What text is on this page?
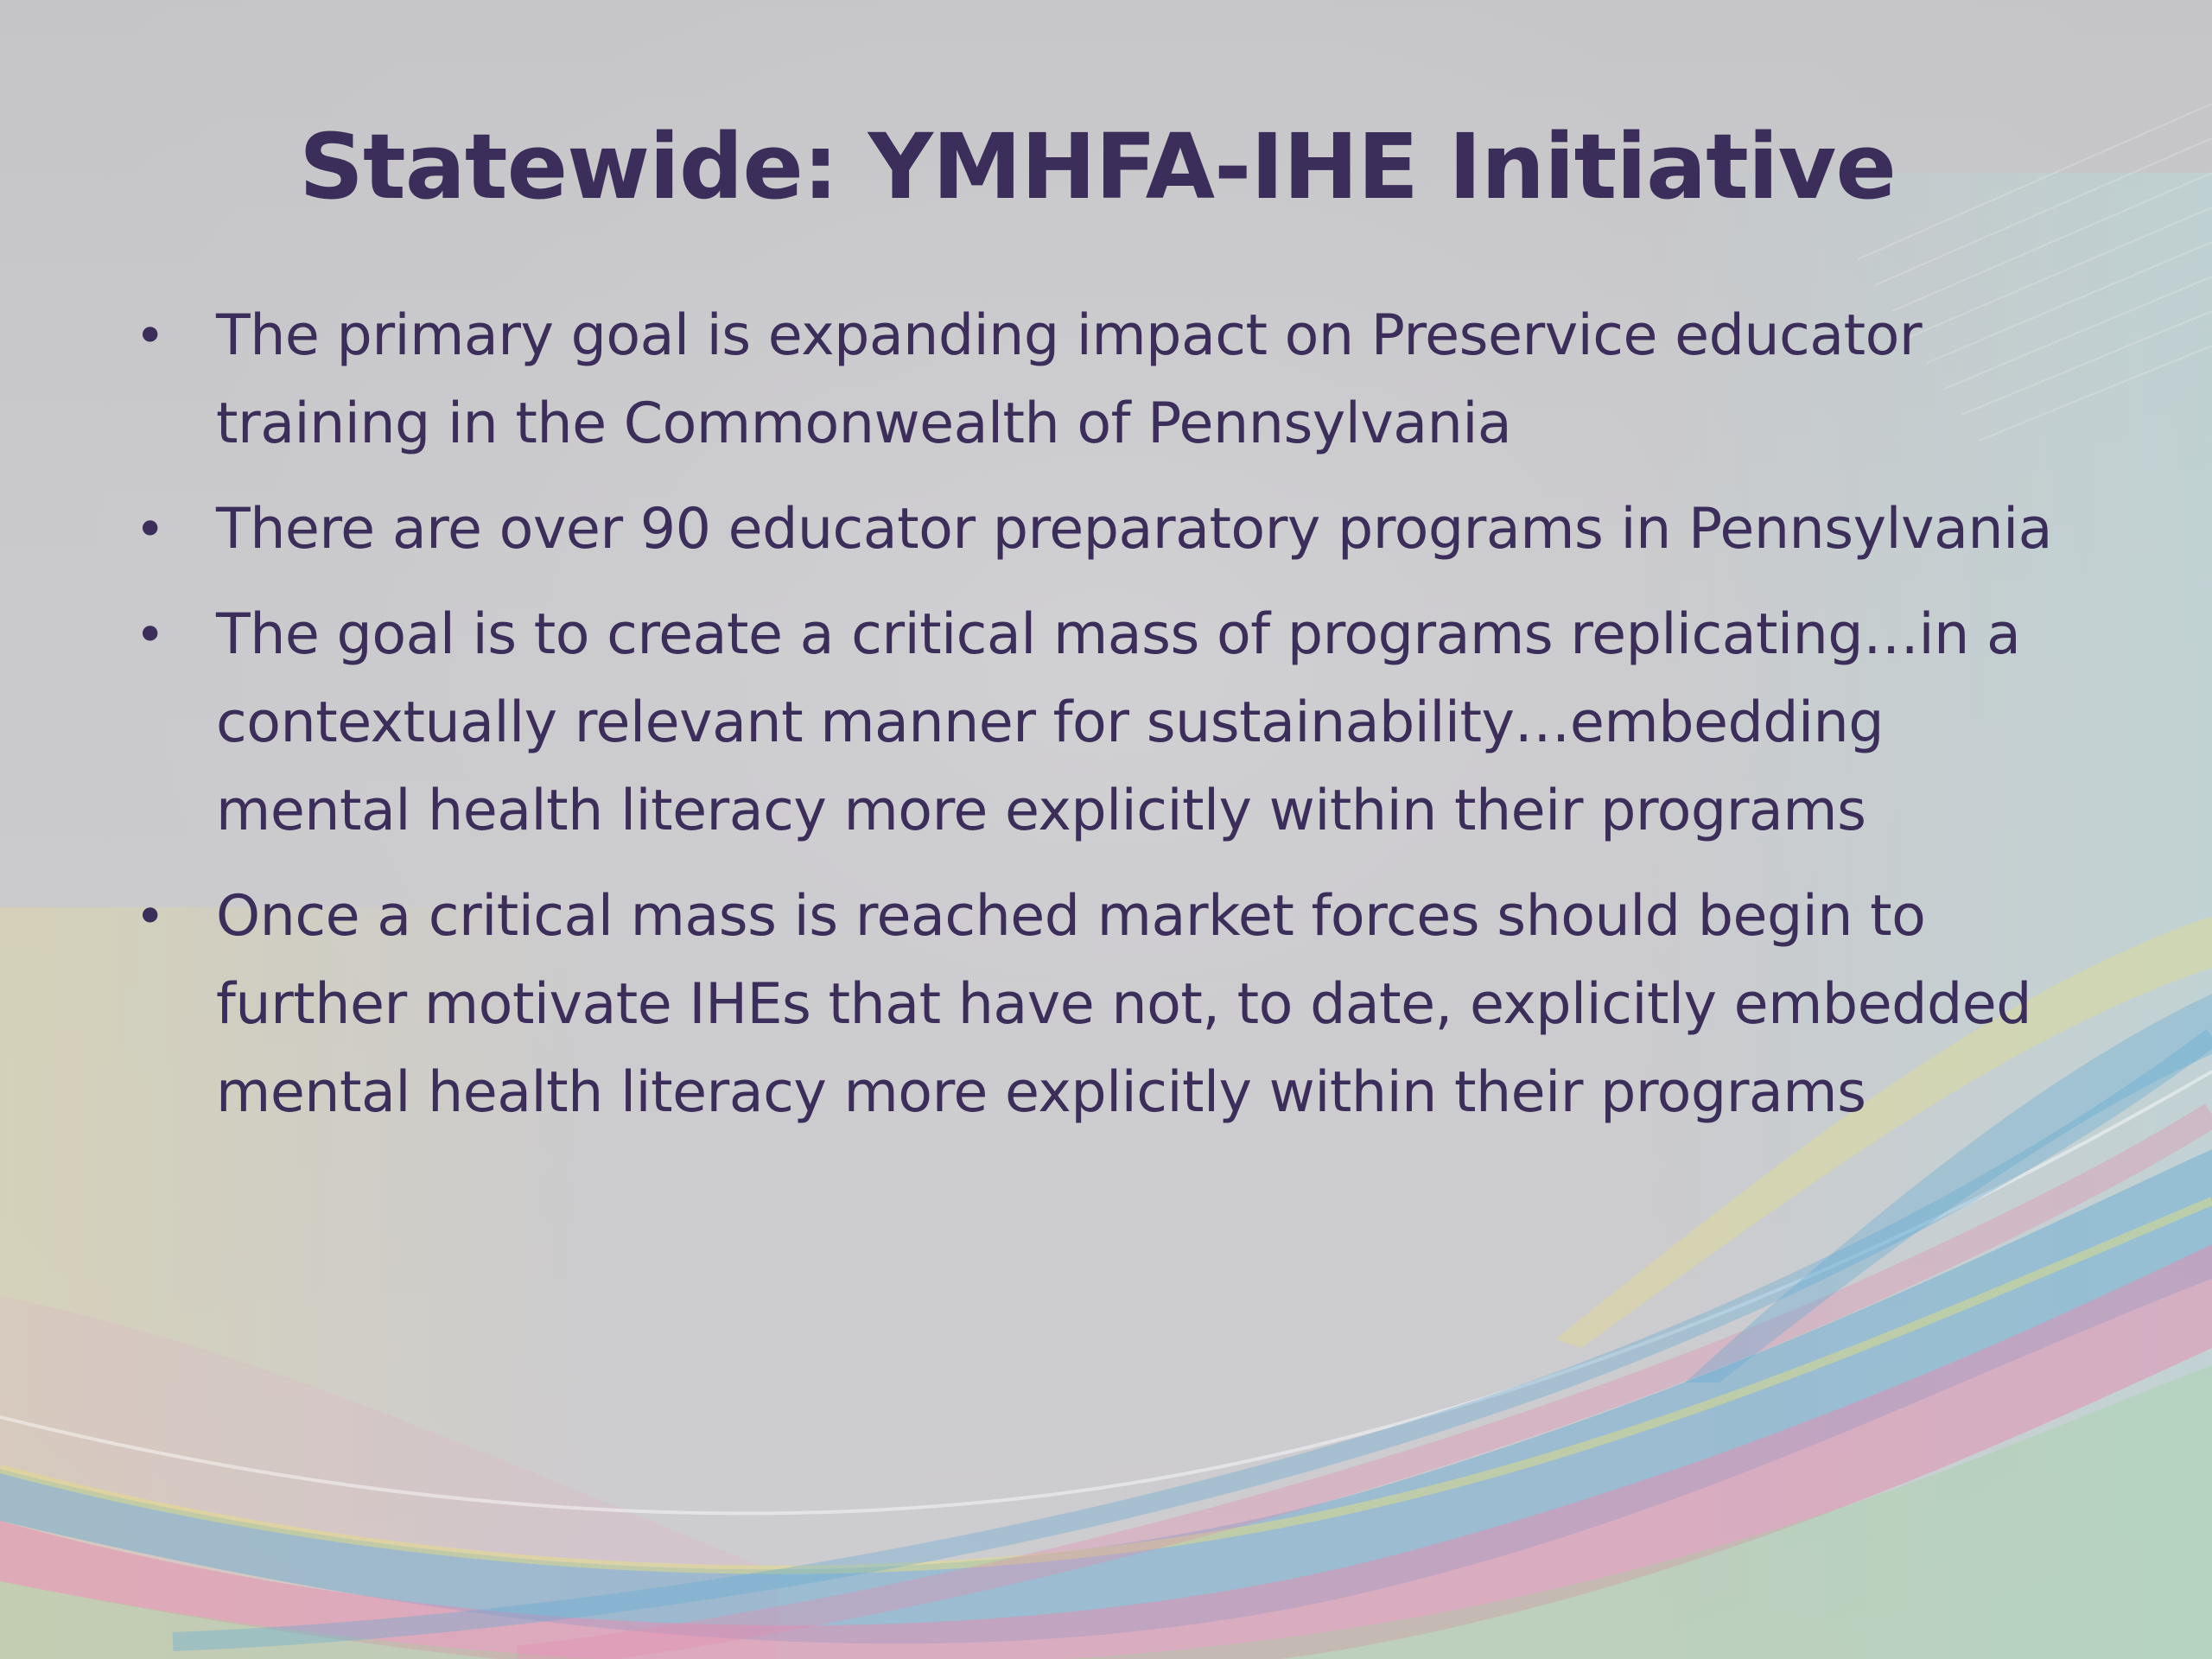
Statewide: YMHFA-IHE Initiative
• The primary goal is expanding impact on Preservice educator training in the Commonwealth of Pennsylvania
• There are over 90 educator preparatory programs in Pennsylvania
• The goal is to create a critical mass of programs replicating…in a contextually relevant manner for sustainability…embedding mental health literacy more explicitly within their programs
• Once a critical mass is reached market forces should begin to further motivate IHEs that have not, to date, explicitly embedded mental health literacy more explicitly within their programs
